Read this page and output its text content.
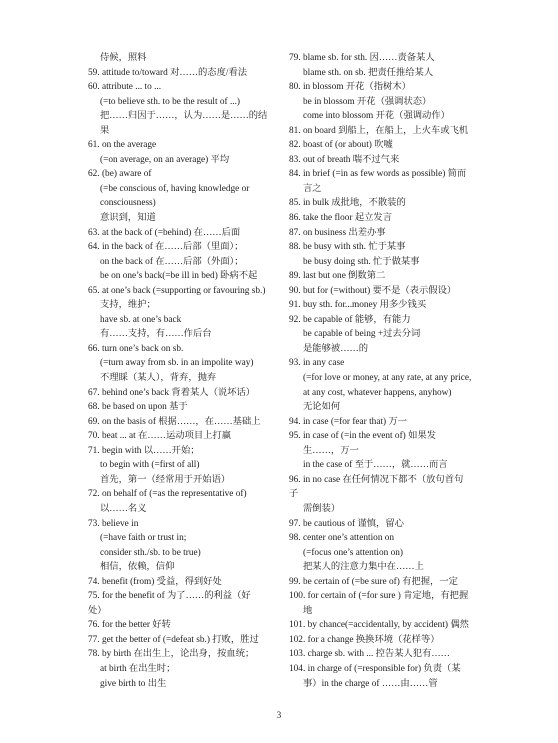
侍候，照料
59. attitude to/toward 对……的态度/看法
60. attribute ... to ...
(=to believe sth. to be the result of ...)
把……归因于……，认为……是……的结
果
61. on the average
(=on average, on an average) 平均
62. (be) aware of
(=be conscious of, having knowledge or
consciousness)
意识到，知道
63. at the back of (=behind) 在……后面
64. in the back of 在……后部（里面）；
on the back of 在……后部（外面）；
be on one’s back(=be ill in bed) 卧病不起
65. at one’s back (=supporting or favouring sb.)
支持，维护；
have sb. at one’s back
有……支持，有……作后台
66. turn one’s back on sb.
(=turn away from sb. in an impolite way)
不理睬（某人），背弃，抛弃
67. behind one’s back 背着某人（说坏话）
68. be based on upon 基于
69. on the basis of 根据……，在……基础上
70. beat ... at 在……运动项目上打赢
71. begin with 以……开始；
to begin with (=first of all)
首先，第一（经常用于开始语）
72. on behalf of (=as the representative of)
以……名义
73. believe in
(=have faith or trust in;
consider sth./sb. to be true)
相信，依赖，信仰
74. benefit (from) 受益，得到好处
75. for the benefit of 为了……的利益（好
处）
76. for the better 好转
77. get the better of (=defeat sb.) 打败，胜过
78. by birth 在出生上，论出身，按血统；
at birth 在出生时；
give birth to 出生
79. blame sb. for sth. 因……责备某人
blame sth. on sb. 把责任推给某人
80. in blossom 开花（指树木）
be in blossom 开花（强调状态）
come into blossom 开花（强调动作）
81. on board 到船上，在船上，上火车或飞机
82. boast of (or about) 吹嘘
83. out of breath 喘不过气来
84. in brief (=in as few words as possible) 简而
言之
85. in bulk 成批地，不散装的
86. take the floor 起立发言
87. on business 出差办事
88. be busy with sth. 忙于某事
be busy doing sth. 忙于做某事
89. last but one 倒数第二
90. but for (=without) 要不是（表示假设）
91. buy sth. for...money 用多少钱买
92. be capable of 能够，有能力
be capable of being +过去分词
是能够被……的
93. in any case
(=for love or money, at any rate, at any price,
at any cost, whatever happens, anyhow)
无论如何
94. in case (=for fear that) 万一
95. in case of (=in the event of) 如果发
生……，万一
in the case of 至于……，就……而言
96. in no case 在任何情况下都不（放句首句
子
需倒装）
97. be cautious of 谨慎，留心
98. center one’s attention on
(=focus one’s attention on)
把某人的注意力集中在……上
99. be certain of (=be sure of) 有把握，一定
100. for certain of (=for sure ) 肯定地，有把握
地
101. by chance(=accidentally, by accident) 偶然
102. for a change 换换环境（花样等）
103. charge sb. with ... 控告某人犯有……
104. in charge of (=responsible for) 负责（某
事）in the charge of ……由……管
3
